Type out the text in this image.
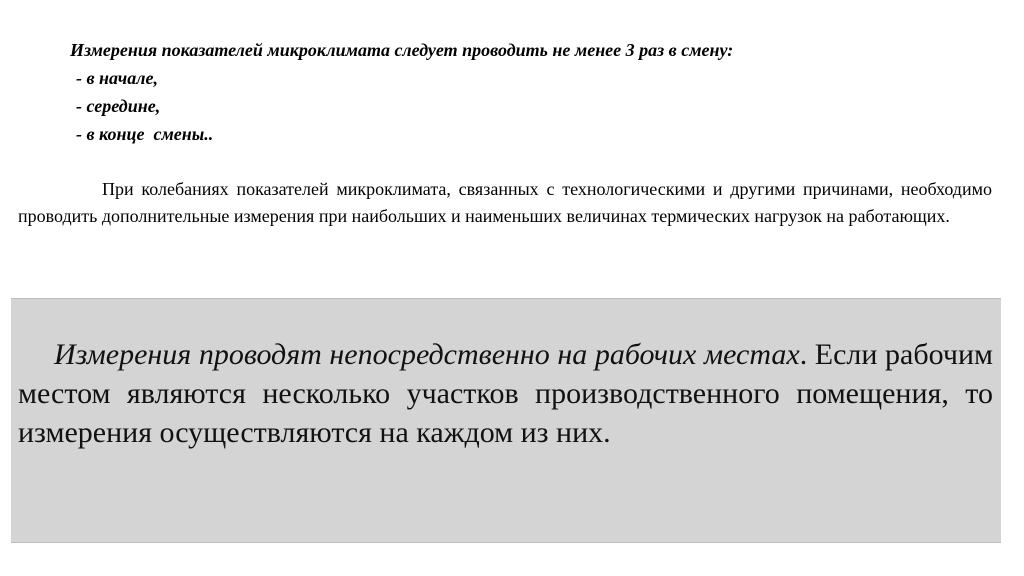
Измерения показателей микроклимата следует проводить не менее 3 раз в смену:
- в начале,
- середине,
- в конце  смены..
При колебаниях показателей микроклимата, связанных с технологическими и другими причинами, необходимо проводить дополнительные измерения при наибольших и наименьших величинах термических нагрузок на работающих.
Измерения проводят непосредственно на рабочих местах. Если рабочим местом являются несколько участков производственного помещения, то измерения осуществляются на каждом из них.
